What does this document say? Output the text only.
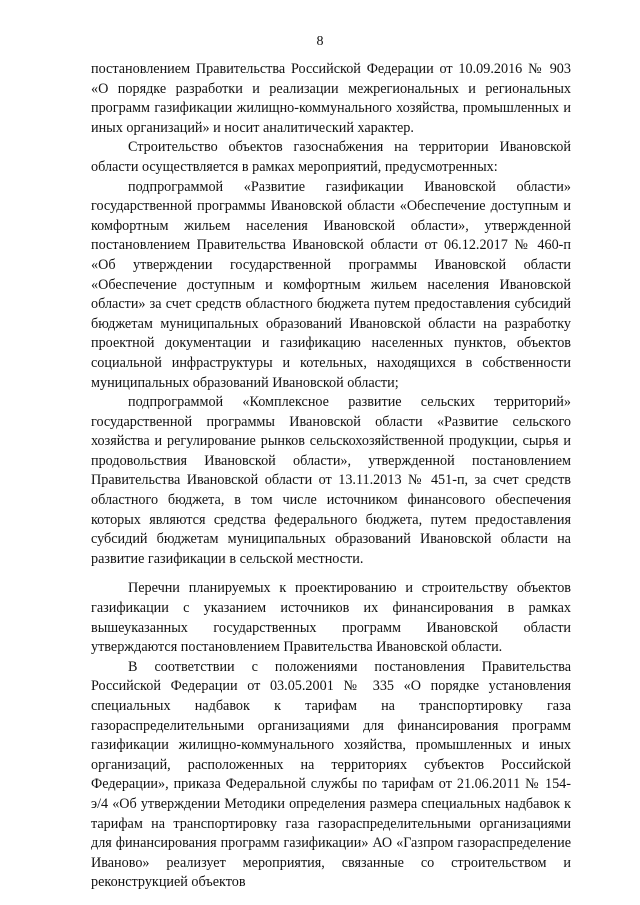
8

постановлением Правительства Российской Федерации от 10.09.2016 № 903 «О порядке разработки и реализации межрегиональных и региональных программ газификации жилищно-коммунального хозяйства, промышленных и иных организаций» и носит аналитический характер.

Строительство объектов газоснабжения на территории Ивановской области осуществляется в рамках мероприятий, предусмотренных:

подпрограммой «Развитие газификации Ивановской области» государственной программы Ивановской области «Обеспечение доступным и комфортным жильем населения Ивановской области», утвержденной постановлением Правительства Ивановской области от 06.12.2017 № 460-п «Об утверждении государственной программы Ивановской области «Обеспечение доступным и комфортным жильем населения Ивановской области» за счет средств областного бюджета путем предоставления субсидий бюджетам муниципальных образований Ивановской области на разработку проектной документации и газификацию населенных пунктов, объектов социальной инфраструктуры и котельных, находящихся в собственности муниципальных образований Ивановской области;

подпрограммой «Комплексное развитие сельских территорий» государственной программы Ивановской области «Развитие сельского хозяйства и регулирование рынков сельскохозяйственной продукции, сырья и продовольствия Ивановской области», утвержденной постановлением Правительства Ивановской области от 13.11.2013 № 451-п, за счет средств областного бюджета, в том числе источником финансового обеспечения которых являются средства федерального бюджета, путем предоставления субсидий бюджетам муниципальных образований Ивановской области на развитие газификации в сельской местности.

Перечни планируемых к проектированию и строительству объектов газификации с указанием источников их финансирования в рамках вышеуказанных государственных программ Ивановской области утверждаются постановлением Правительства Ивановской области.

В соответствии с положениями постановления Правительства Российской Федерации от 03.05.2001 № 335 «О порядке установления специальных надбавок к тарифам на транспортировку газа газораспределительными организациями для финансирования программ газификации жилищно-коммунального хозяйства, промышленных и иных организаций, расположенных на территориях субъектов Российской Федерации», приказа Федеральной службы по тарифам от 21.06.2011 № 154-э/4 «Об утверждении Методики определения размера специальных надбавок к тарифам на транспортировку газа газораспределительными организациями для финансирования программ газификации» АО «Газпром газораспределение Иваново» реализует мероприятия, связанные со строительством и реконструкцией объектов
